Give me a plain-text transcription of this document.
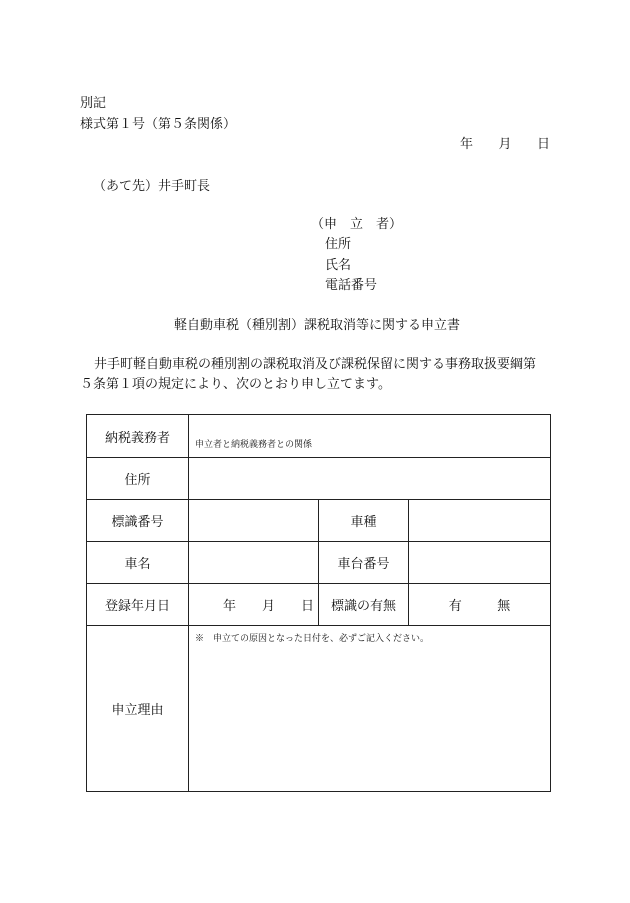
別記
様式第１号（第５条関係）
年 月 日
（あて先）井手町長
（申　立　者）
住所
氏名
電話番号
軽自動車税（種別割）課税取消等に関する申立書
井手町軽自動車税の種別割の課税取消及び課税保留に関する事務取扱要綱第
５条第１項の規定により、次のとおり申し立てます。
納税義務者	申立者と納税義務者との関係		
住所			
標識番号		車種	
車名		車台番号	
登録年月日	年 月 日	標識の有無	有 無

申立理由	※　申立ての原因となった日付を、必ずご記入ください。		
